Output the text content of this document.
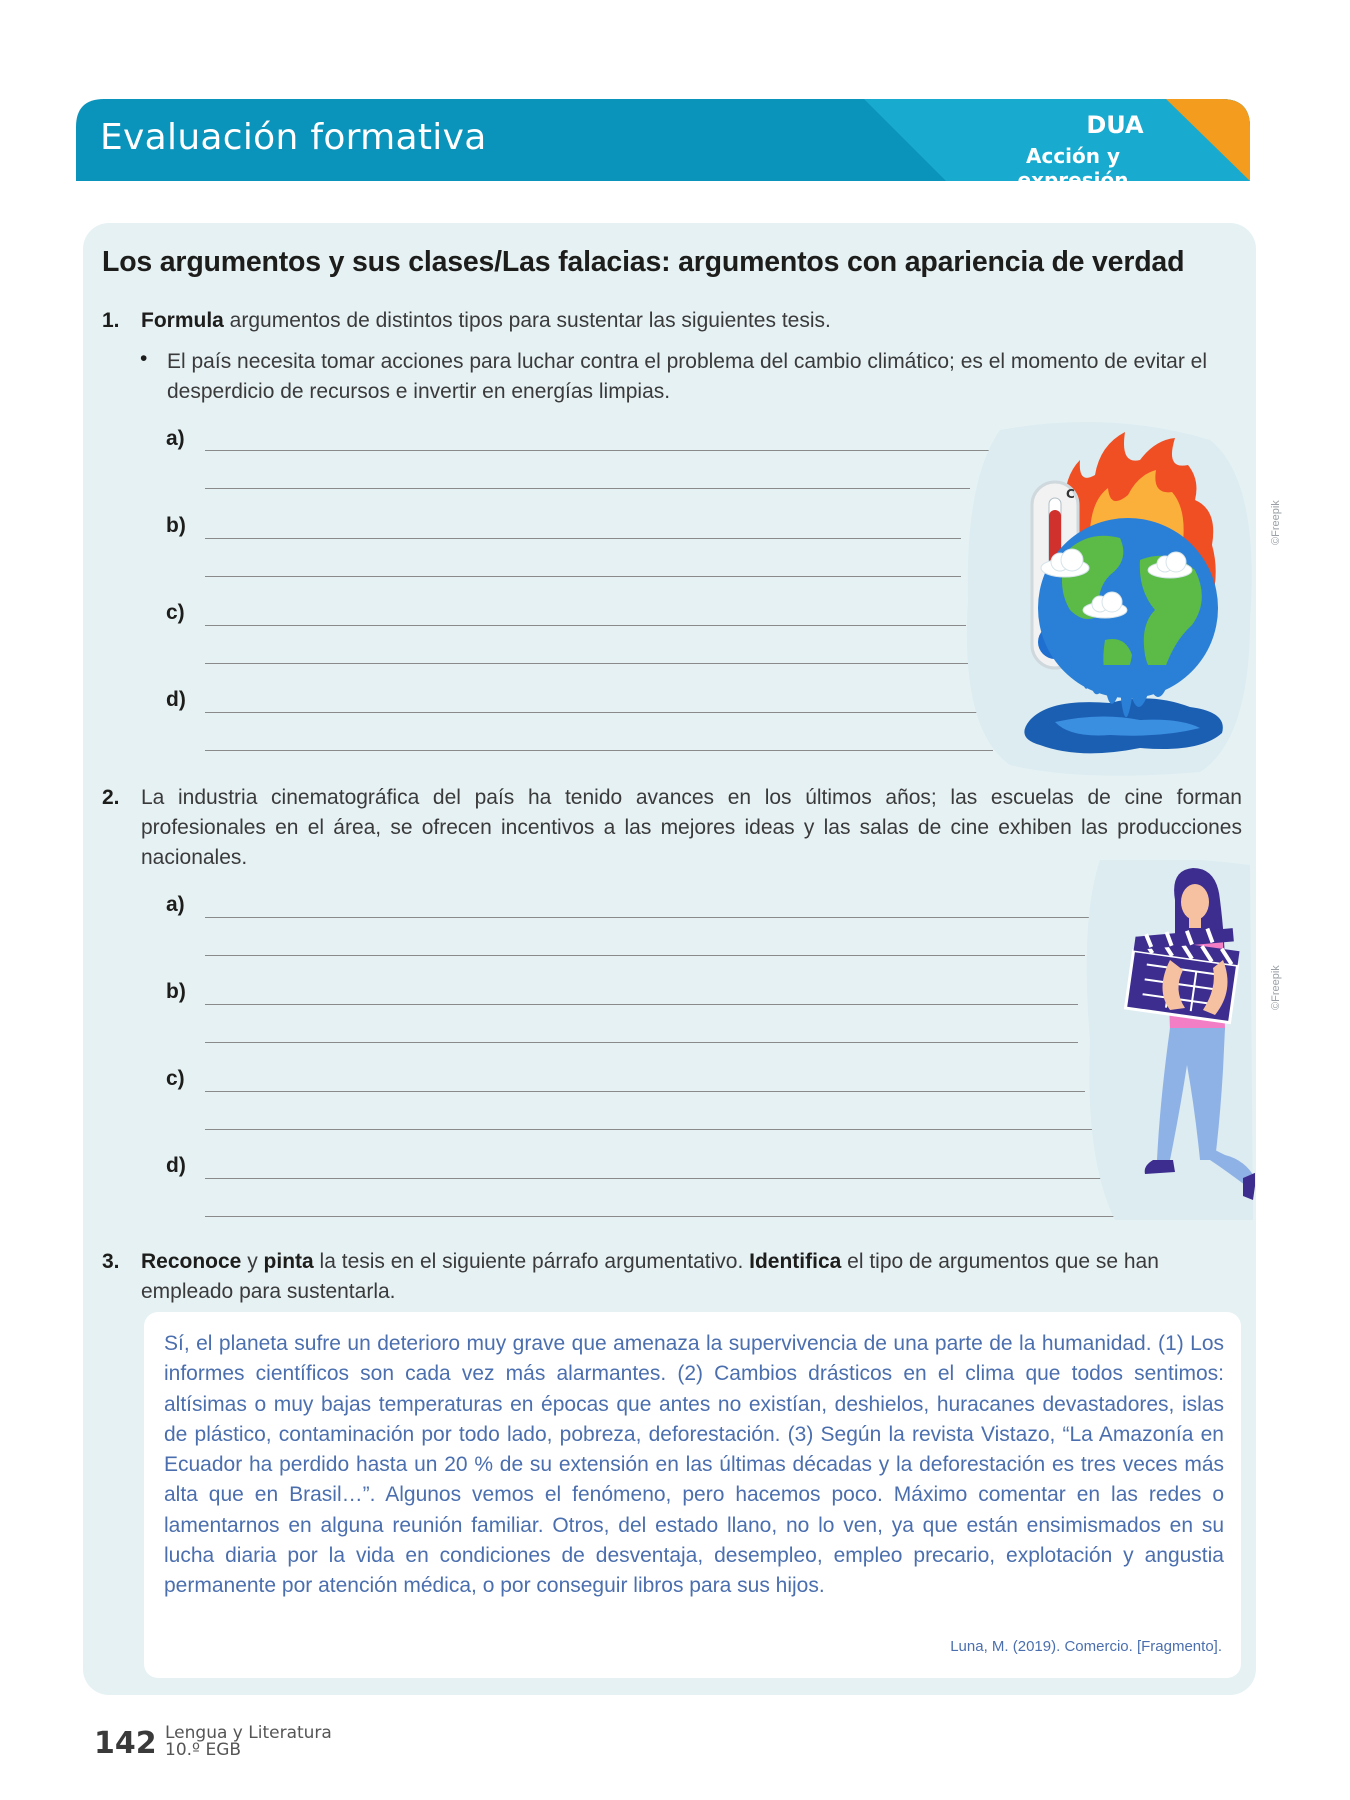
Evaluación formativa	DUA
Acción y expresión
Los argumentos y sus clases/Las falacias: argumentos con apariencia de verdad
1. Formula argumentos de distintos tipos para sustentar las siguientes tesis.
• El país necesita tomar acciones para luchar contra el problema del cambio climático; es el momento de evitar el desperdicio de recursos e invertir en energías limpias.
a)
b)
c)
d)
C
©Freepik
2. La industria cinematográfica del país ha tenido avances en los últimos años; las escuelas de cine forman profesionales en el área, se ofrecen incentivos a las mejores ideas y las salas de cine exhiben las producciones nacionales.
a)
b)
c)
d)
©Freepik
3. Reconoce y pinta la tesis en el siguiente párrafo argumentativo. Identifica el tipo de argumentos que se han empleado para sustentarla.
Sí, el planeta sufre un deterioro muy grave que amenaza la supervivencia de una parte de la humanidad. (1) Los informes científicos son cada vez más alarmantes. (2) Cambios drásticos en el clima que todos sentimos: altísimas o muy bajas temperaturas en épocas que antes no existían, deshielos, huracanes devastadores, islas de plástico, contaminación por todo lado, pobreza, deforestación. (3) Según la revista Vistazo, “La Amazonía en Ecuador ha perdido hasta un 20 % de su extensión en las últimas décadas y la deforestación es tres veces más alta que en Brasil…”. Algunos vemos el fenómeno, pero hacemos poco. Máximo comentar en las redes o lamentarnos en alguna reunión familiar. Otros, del estado llano, no lo ven, ya que están ensimismados en su lucha diaria por la vida en condiciones de desventaja, desempleo, empleo precario, explotación y angustia permanente por atención médica, o por conseguir libros para sus hijos.
Luna, M. (2019). Comercio. [Fragmento].
142 Lengua y Literatura
10.º EGB
